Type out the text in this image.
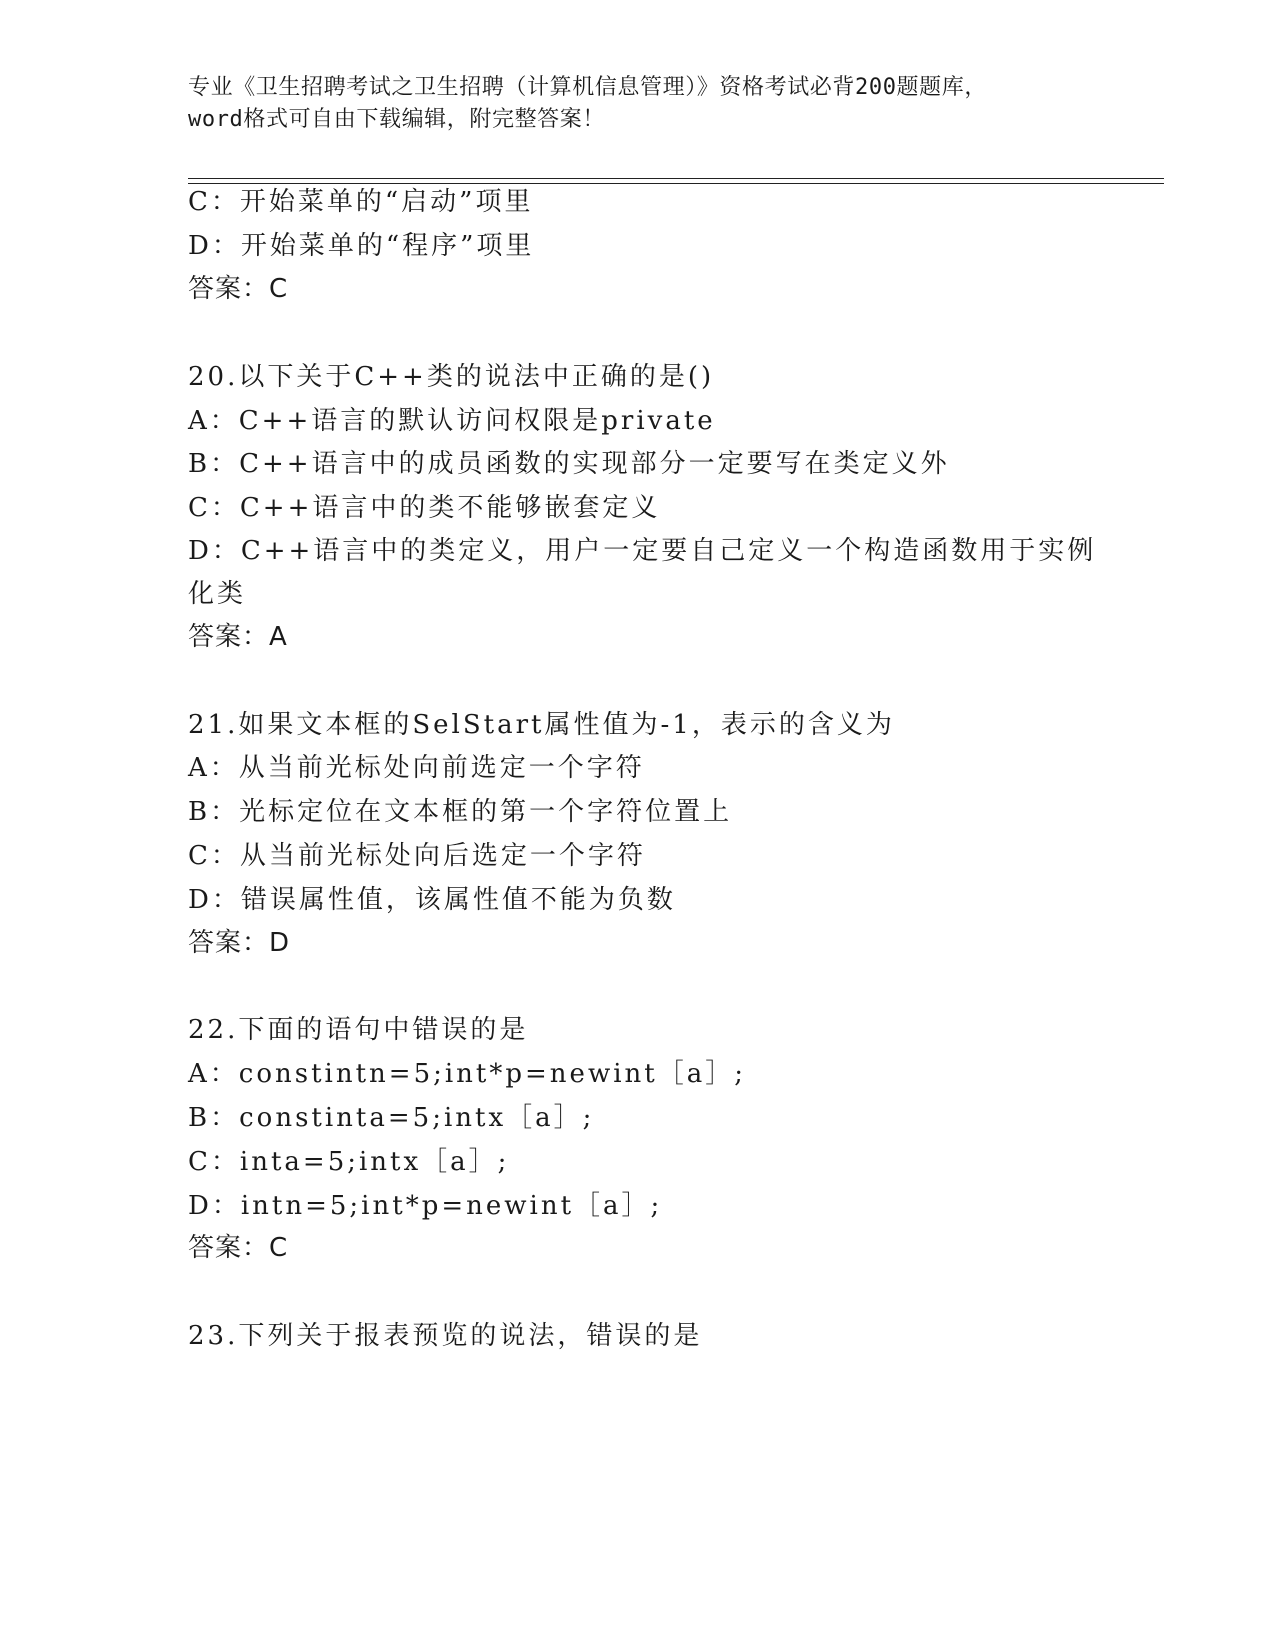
专业《卫生招聘考试之卫生招聘（计算机信息管理）》资格考试必背200题题库，
word格式可自由下载编辑，附完整答案！
C：开始菜单的“启动”项里
D：开始菜单的“程序”项里
答案：C
20.以下关于C++类的说法中正确的是()
A：C++语言的默认访问权限是private
B：C++语言中的成员函数的实现部分一定要写在类定义外
C：C++语言中的类不能够嵌套定义
D：C++语言中的类定义，用户一定要自己定义一个构造函数用于实例
化类
答案：A
21.如果文本框的SelStart属性值为-1，表示的含义为
A：从当前光标处向前选定一个字符
B：光标定位在文本框的第一个字符位置上
C：从当前光标处向后选定一个字符
D：错误属性值，该属性值不能为负数
答案：D
22.下面的语句中错误的是
A：constintn=5;int*p=newint［a］;
B：constinta=5;intx［a］;
C：inta=5;intx［a］;
D：intn=5;int*p=newint［a］;
答案：C
23.下列关于报表预览的说法，错误的是
